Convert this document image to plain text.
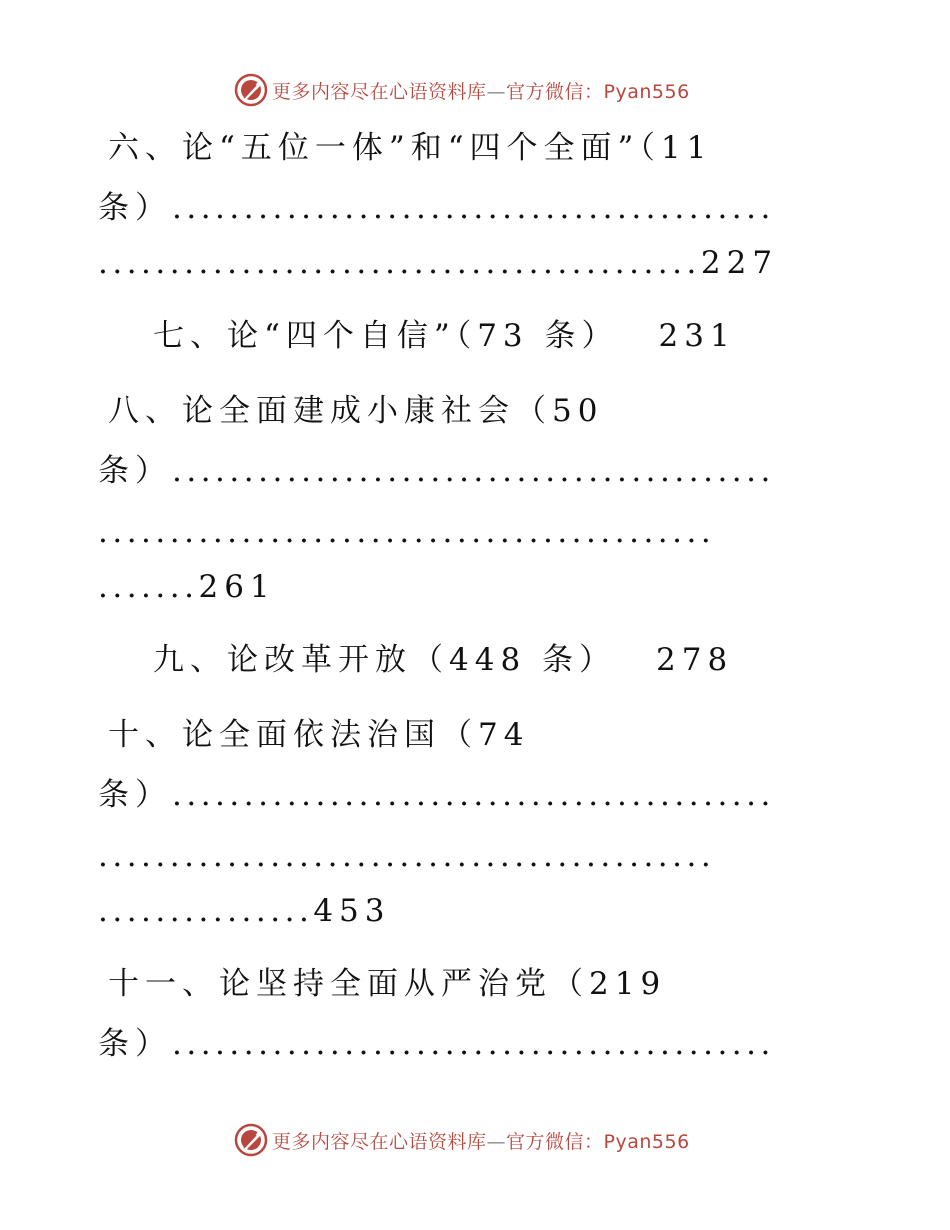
更多内容尽在心语资料库—官方微信：Pyan556
六、论“五位一体”和“四个全面”（11
条）..........................................
..........................................227
七、论“四个自信”（73 条） 231
八、论全面建成小康社会（50
条）..........................................
...........................................
.......261
九、论改革开放（448 条） 278
十、论全面依法治国（74
条）..........................................
...........................................
...............453
十一、论坚持全面从严治党（219
条）..........................................
更多内容尽在心语资料库—官方微信：Pyan556
